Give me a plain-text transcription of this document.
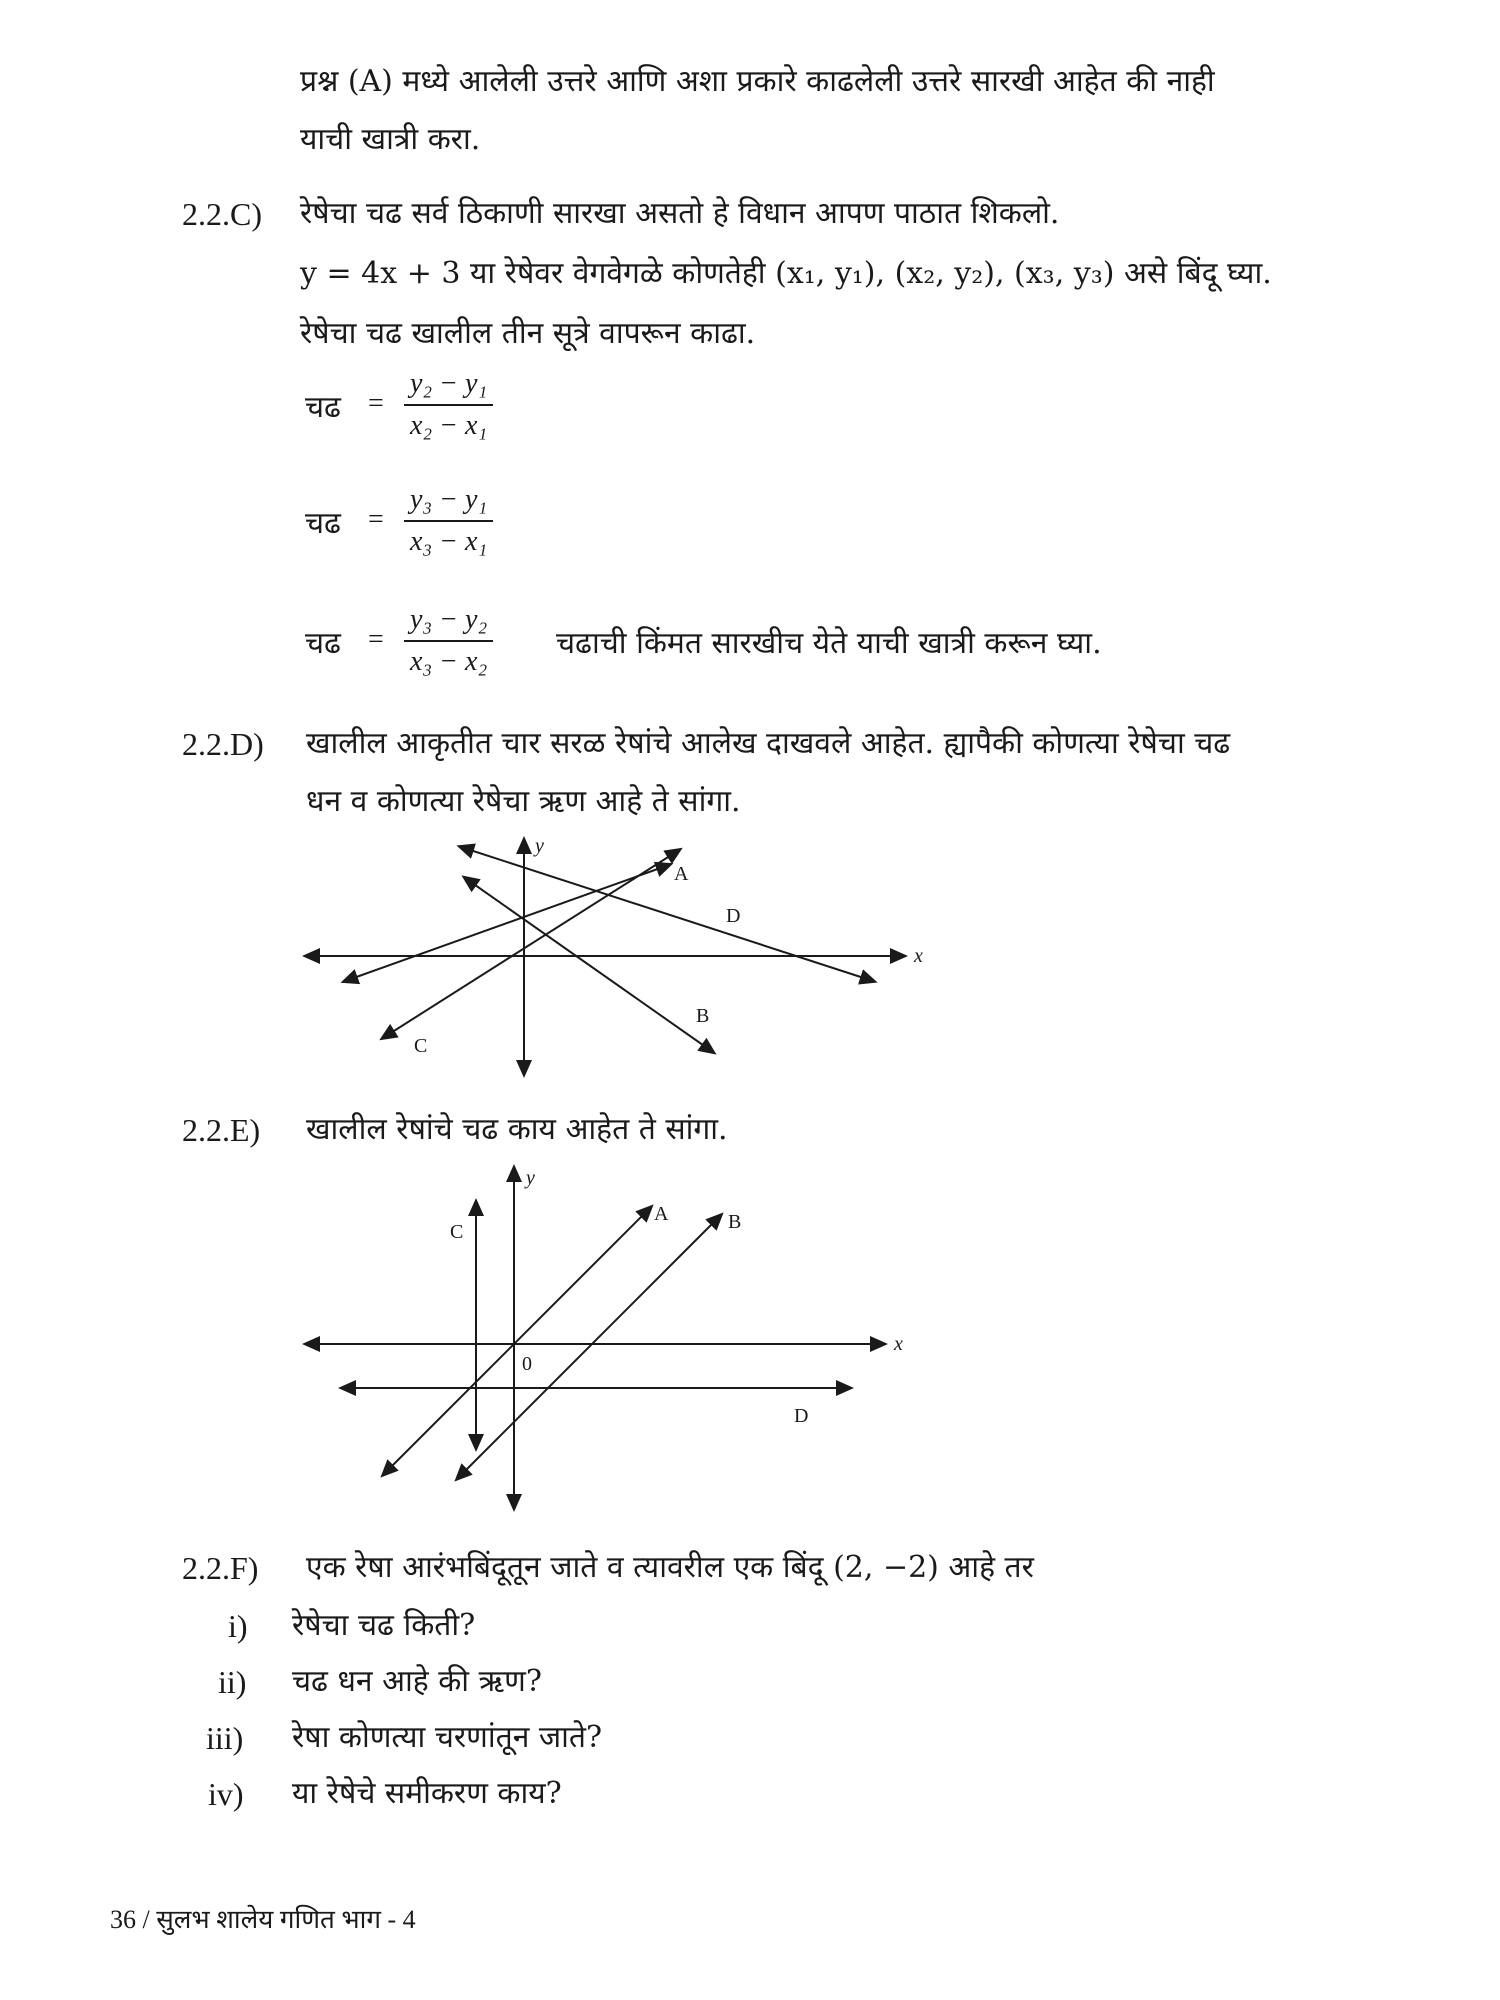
प्रश्न (A) मध्ये आलेली उत्तरे आणि अशा प्रकारे काढलेली उत्तरे सारखी आहेत की नाही
याची खात्री करा.
2.2.C) रेषेचा चढ सर्व ठिकाणी सारखा असतो हे विधान आपण पाठात शिकलो.
y = 4x + 3 या रेषेवर वेगवेगळे कोणतेही (x₁, y₁), (x₂, y₂), (x₃, y₃) असे बिंदू घ्या.
रेषेचा चढ खालील तीन सूत्रे वापरून काढा.
चढ = $\frac{\text{y₂ − y₁}}{\text{x₂ − x₁}}$
चढ = $\frac{\text{y₃ − y₁}}{\text{x₃ − x₁}}$
चढ = $\frac{\text{y₃ − y₂}}{\text{x₃ − x₂}}$ चढाची किंमत सारखीच येते याची खात्री करून घ्या.
2.2.D) खालील आकृतीत चार सरळ रेषांचे आलेख दाखवले आहेत. ह्यापैकी कोणत्या रेषेचा चढ
धन व कोणत्या रेषेचा ऋण आहे ते सांगा.
x
y
A
C
B
D
2.2.E) खालील रेषांचे चढ काय आहेत ते सांगा.
x
y
0
D
C
A	B
2.2.F) एक रेषा आरंभबिंदूतून जाते व त्यावरील एक बिंदू (2, −2) आहे तर
i) रेषेचा चढ किती?
ii) चढ धन आहे की ऋण?
iii) रेषा कोणत्या चरणांतून जाते?
iv) या रेषेचे समीकरण काय?
36 / सुलभ शालेय गणित भाग - 4
